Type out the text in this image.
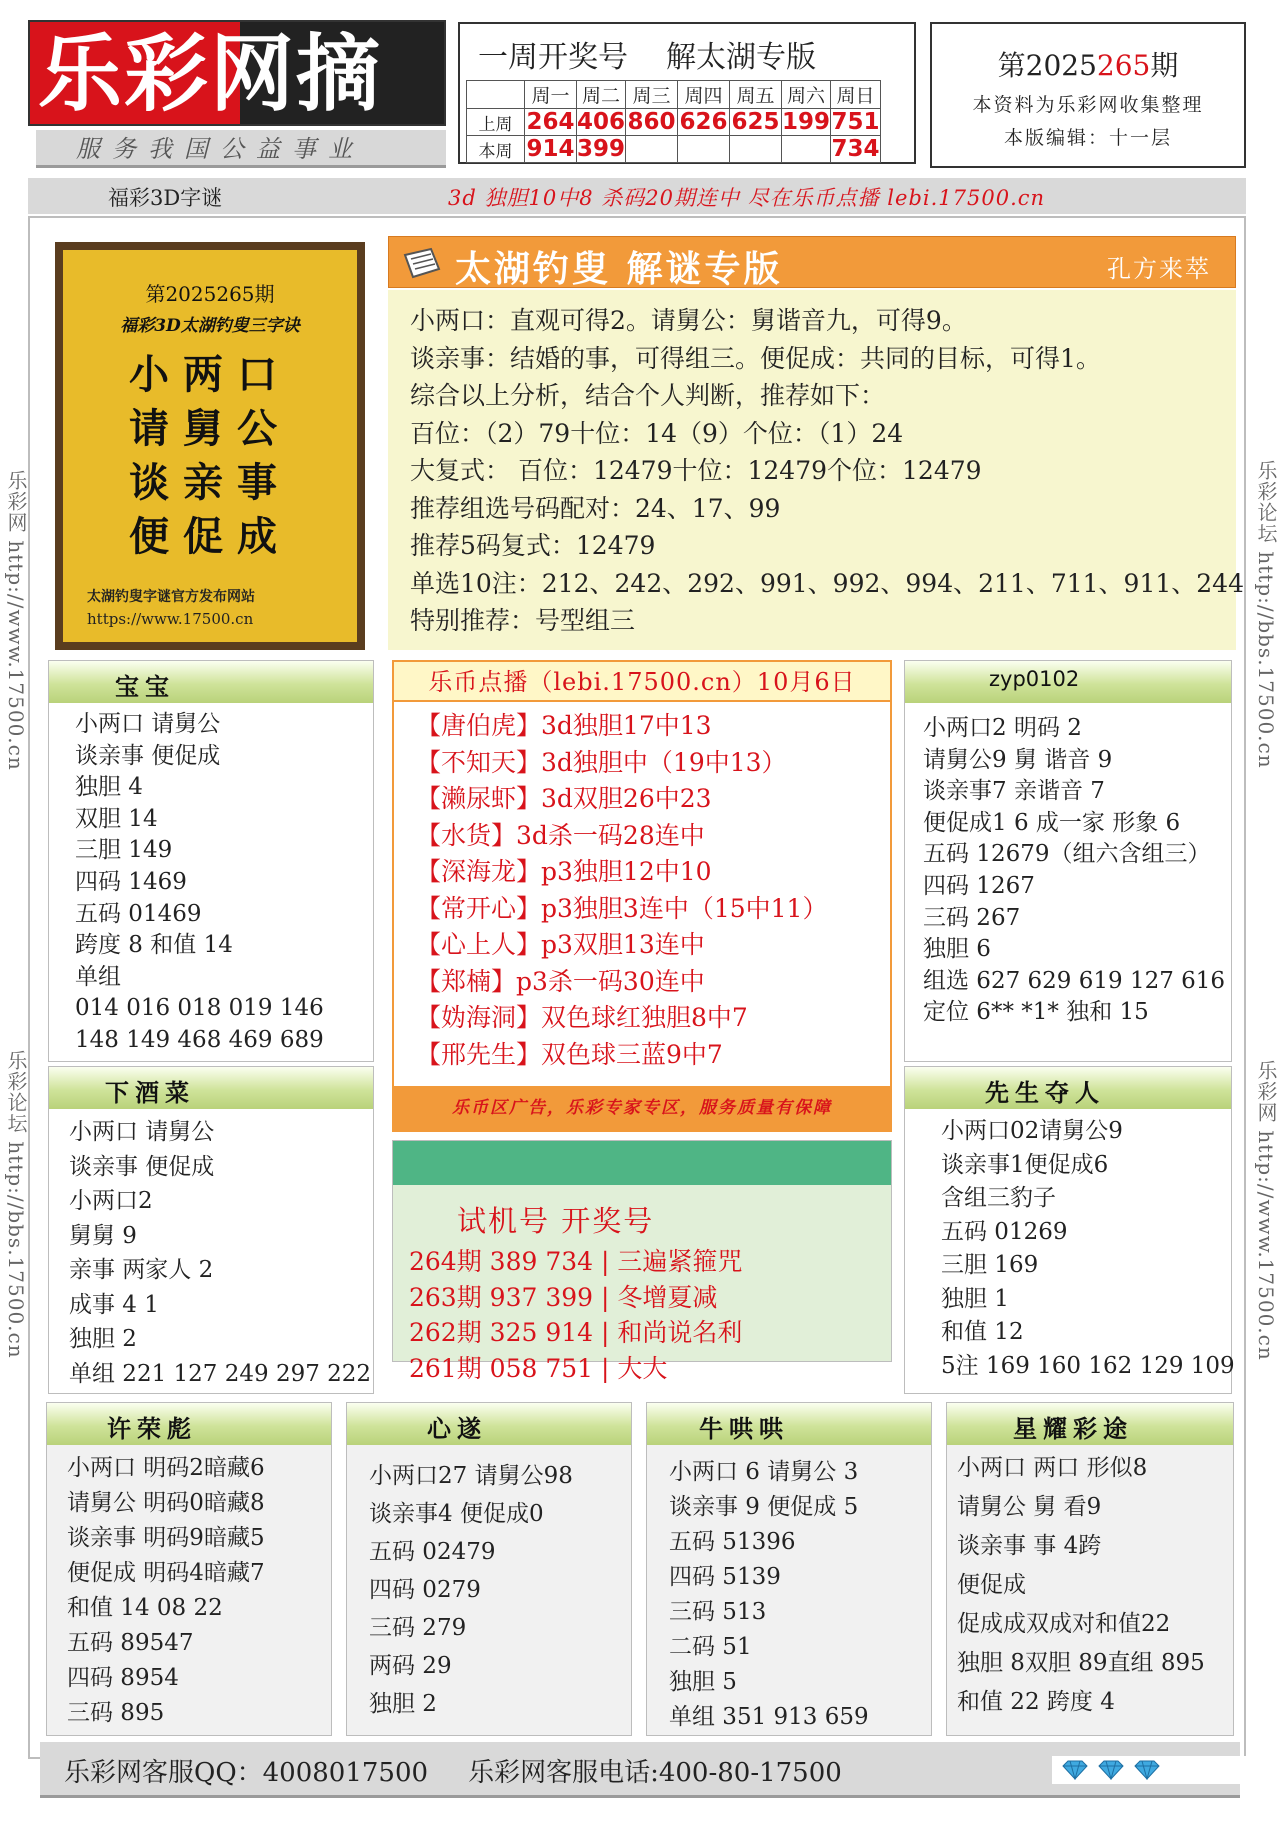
乐彩网摘
服务我国公益事业
一周开奖号 解太湖专版
	周一	周二	周三	周四	周五	周六	周日
上周	264	406	860	626	625	199	751
本周	914	399					734
第2025265期
本资料为乐彩网收集整理
本版编辑：十一层
福彩3D字谜	3d 独胆10中8 杀码20期连中 尽在乐币点播 lebi.17500.cn
乐彩网 http://www.17500.cn
乐彩论坛 http://bbs.17500.cn
乐彩论坛 http://bbs.17500.cn
乐彩网 http://www.17500.cn
第2025265期
福彩3D太湖钓叟三字诀
小两口
请舅公
谈亲事
便促成
太湖钓叟字谜官方发布网站
https://www.17500.cn
太湖钓叟 解谜专版	孔方来萃

小两口：直观可得2。请舅公：舅谐音九，可得9。

谈亲事：结婚的事，可得组三。便促成：共同的目标，可得1。

综合以上分析，结合个人判断，推荐如下：

百位：（2）79十位：14（9）个位：（1）24

大复式： 百位：12479十位：12479个位：12479

推荐组选号码配对：24、17、99

推荐5码复式：12479

单选10注：212、242、292、991、992、994、211、711、911、244

特别推荐：号型组三

宝宝

小两口 请舅公

谈亲事 便促成

独胆 4

双胆 14

三胆 149

四码 1469

五码 01469

跨度 8 和值 14

单组

014 016 018 019 146

148 149 468 469 689

乐币点播（lebi.17500.cn）10月6日

【唐伯虎】3d独胆17中13

【不知天】3d独胆中（19中13）

【濑尿虾】3d双胆26中23

【水货】3d杀一码28连中

【深海龙】p3独胆12中10

【常开心】p3独胆3连中（15中11）

【心上人】p3双胆13连中

【郑楠】p3杀一码30连中

【妫海洞】双色球红独胆8中7

【邢先生】双色球三蓝9中7

乐币区广告，乐彩专家专区，服务质量有保障
zyp0102

小两口2 明码 2

请舅公9 舅 谐音 9

谈亲事7 亲谐音 7

便促成1 6 成一家 形象 6

五码 12679（组六含组三）

四码 1267

三码 267

独胆 6

组选 627 629 619 127 616

定位 6** *1* 独和 15

下酒菜

小两口 请舅公

谈亲事 便促成

小两口2

舅舅 9

亲事 两家人 2

成事 4 1

独胆 2

单组 221 127 249 297 222

试机号 开奖号

264期 389 734 | 三遍紧箍咒

263期 937 399 | 冬增夏减

262期 325 914 | 和尚说名利

261期 058 751 | 大大

先生夺人

小两口02请舅公9

谈亲事1便促成6

含组三豹子

五码 01269

三胆 169

独胆 1

和值 12

5注 169 160 162 129 109

许荣彪

小两口 明码2暗藏6

请舅公 明码0暗藏8

谈亲事 明码9暗藏5

便促成 明码4暗藏7

和值 14 08 22

五码 89547

四码 8954

三码 895

心遂

小两口27 请舅公98

谈亲事4 便促成0

五码 02479

四码 0279

三码 279

两码 29

独胆 2

牛哄哄

小两口 6 请舅公 3

谈亲事 9 便促成 5

五码 51396

四码 5139

三码 513

二码 51

独胆 5

单组 351 913 659

星耀彩途

小两口 两口 形似8

请舅公 舅 看9

谈亲事 事 4跨

便促成

促成成双成对和值22

独胆 8双胆 89直组 895

和值 22 跨度 4

乐彩网客服QQ：4008017500 乐彩网客服电话:400-80-17500
